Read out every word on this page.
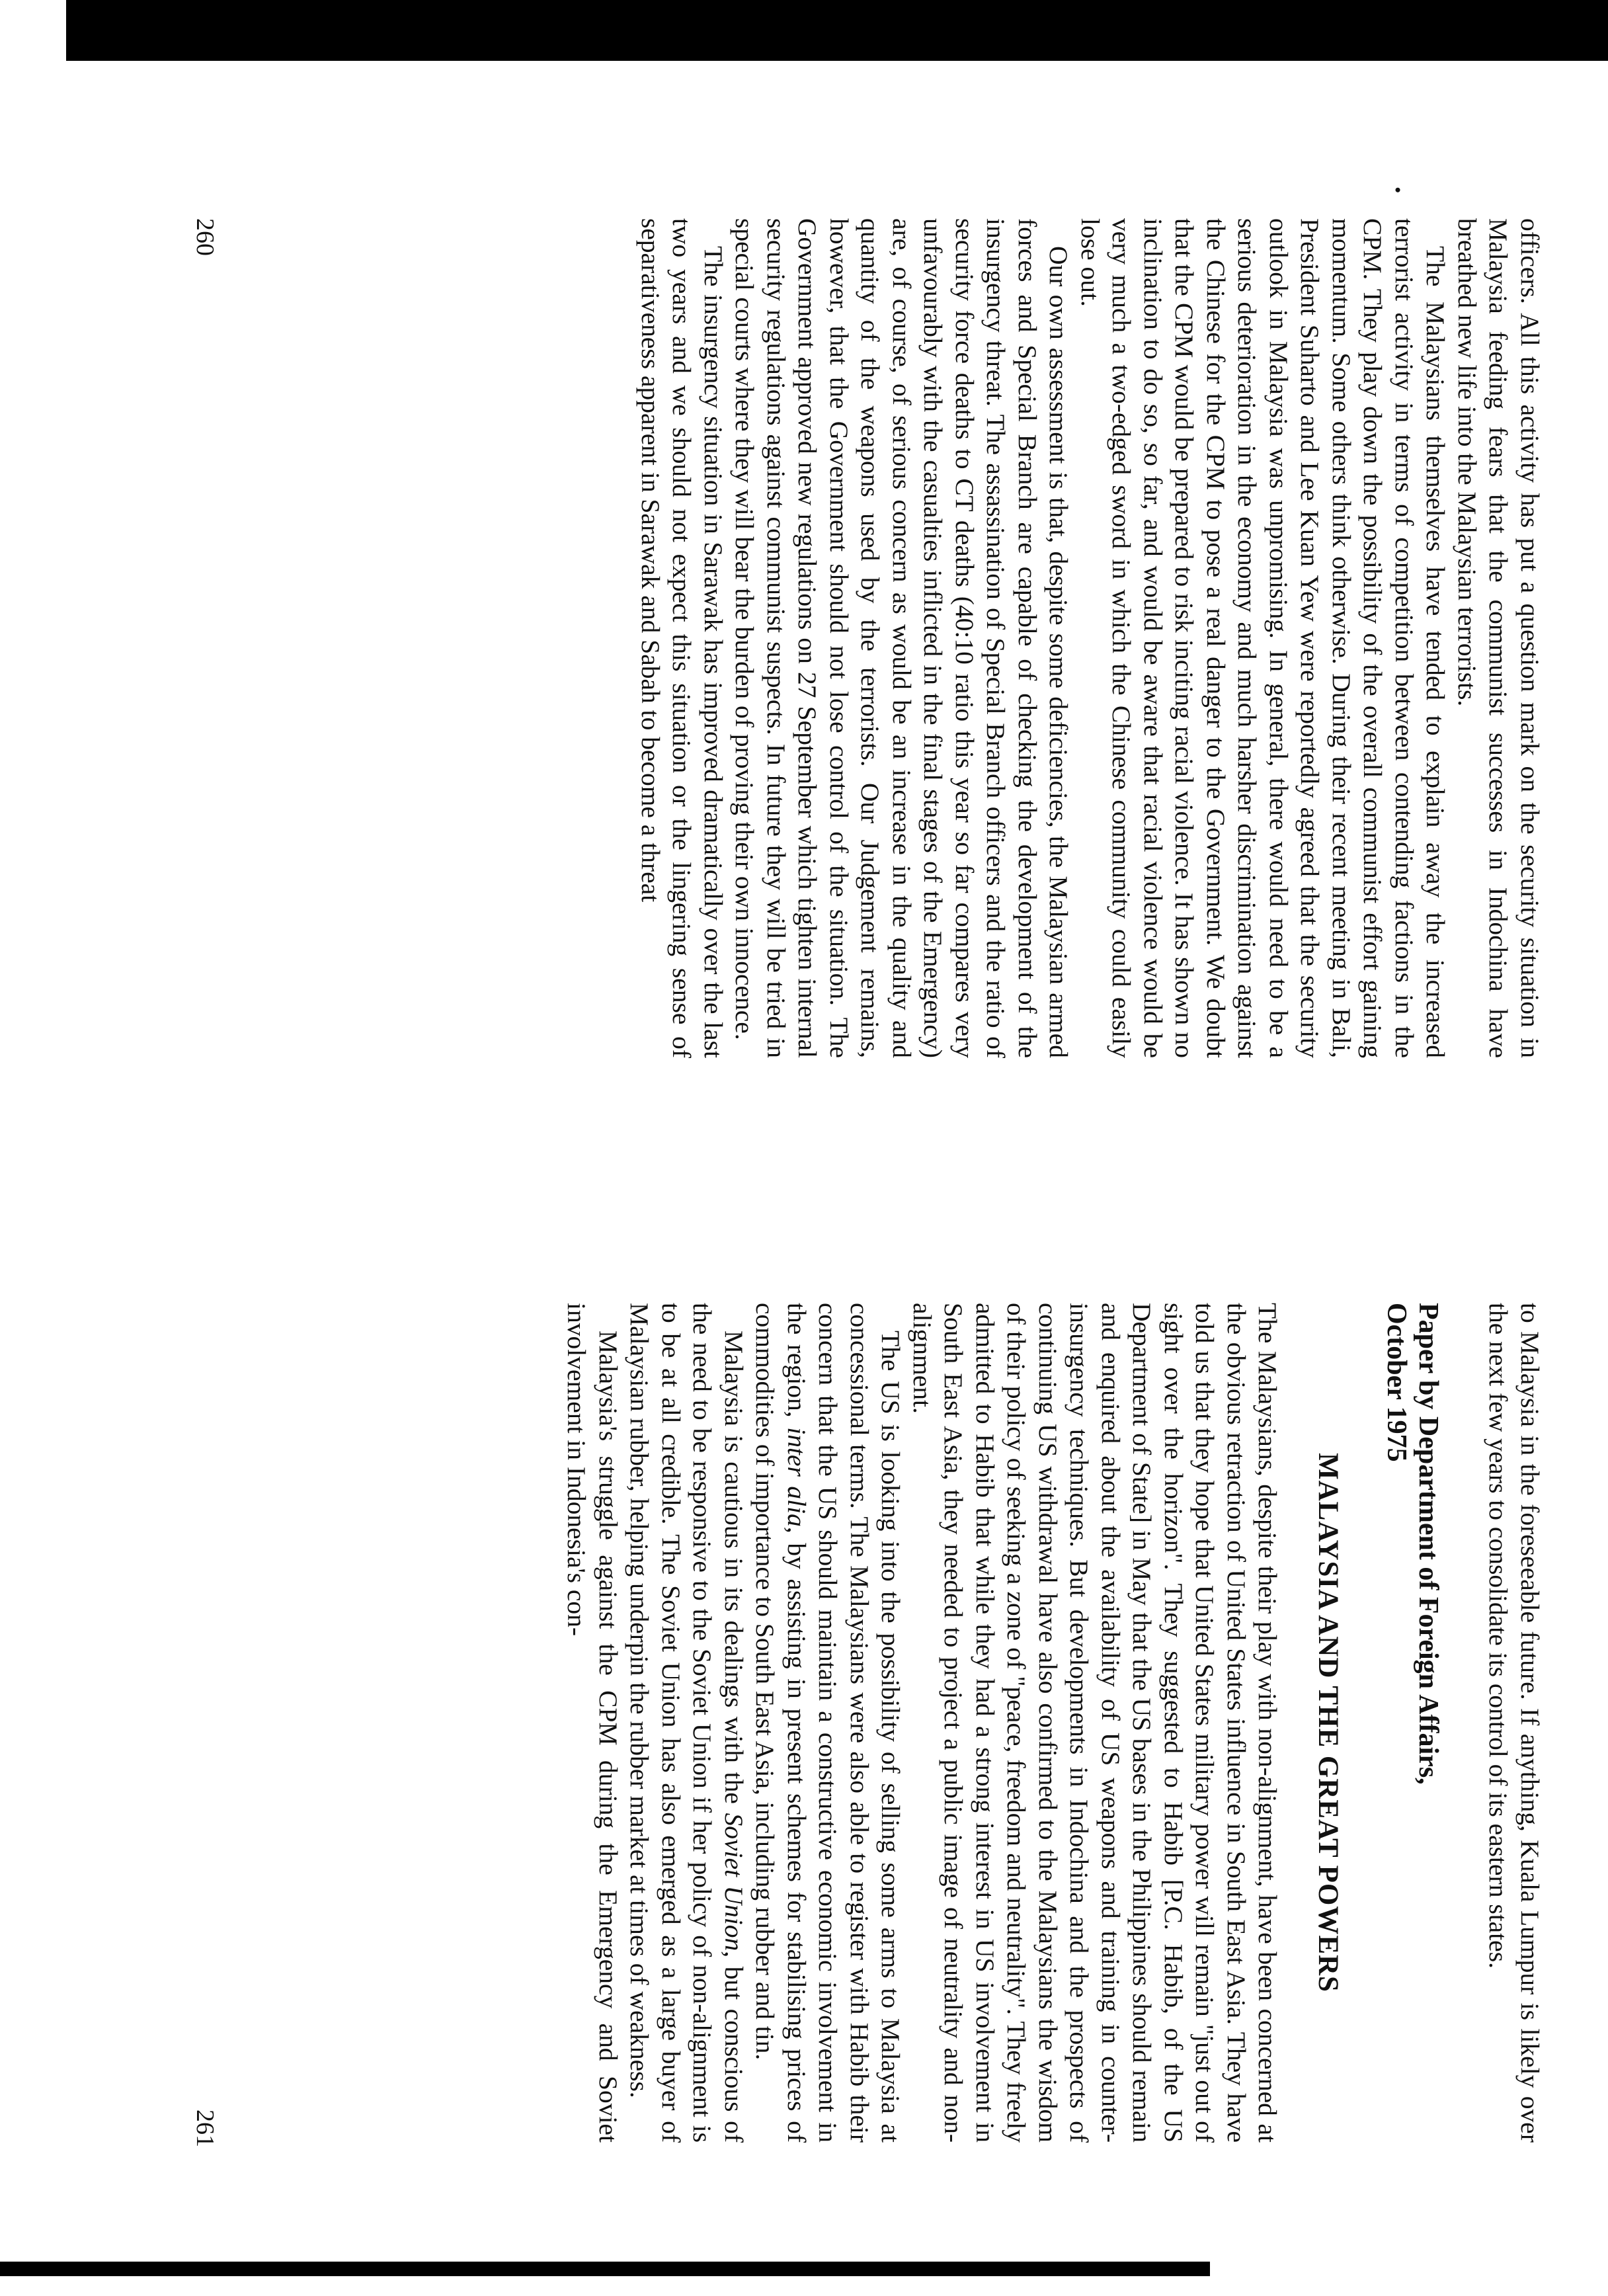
•

officers. All this activity has put a question mark on the security situation in Malaysia feeding fears that the communist successes in Indochina have breathed new life into the Malaysian terrorists.

The Malaysians themselves have tended to explain away the increased terrorist activity in terms of competition between contending factions in the CPM. They play down the possibility of the overall communist effort gaining momentum. Some others think otherwise. During their recent meeting in Bali, President Suharto and Lee Kuan Yew were reportedly agreed that the security outlook in Malaysia was unpromising. In general, there would need to be a serious deterioration in the economy and much harsher discrimination against the Chinese for the CPM to pose a real danger to the Government. We doubt that the CPM would be prepared to risk inciting racial violence. It has shown no inclination to do so, so far, and would be aware that racial violence would be very much a two-edged sword in which the Chinese community could easily lose out.

Our own assessment is that, despite some deficiencies, the Malaysian armed forces and Special Branch are capable of checking the development of the insurgency threat. The assassination of Special Branch officers and the ratio of security force deaths to CT deaths (40:10 ratio this year so far compares very unfavourably with the casualties inflicted in the final stages of the Emergency) are, of course, of serious concern as would be an increase in the quality and quantity of the weapons used by the terrorists. Our Judgement remains, however, that the Government should not lose control of the situation. The Government approved new regulations on 27 September which tighten internal security regulations against communist suspects. In future they will be tried in special courts where they will bear the burden of proving their own innocence.

The insurgency situation in Sarawak has improved dramatically over the last two years and we should not expect this situation or the lingering sense of separativeness apparent in Sarawak and Sabah to become a threat

260

to Malaysia in the foreseeable future. If anything, Kuala Lumpur is likely over the next few years to consolidate its control of its eastern states.

Paper by Department of Foreign Affairs,
October 1975
MALAYSIA AND THE GREAT POWERS

The Malaysians, despite their play with non-alignment, have been concerned at the obvious retraction of United States influence in South East Asia. They have told us that they hope that United States military power will remain "just out of sight over the horizon". They suggested to Habib [P.C. Habib, of the US Department of State] in May that the US bases in the Philippines should remain and enquired about the availability of US weapons and training in counter-insurgency techniques. But developments in Indochina and the prospects of continuing US withdrawal have also confirmed to the Malaysians the wisdom of their policy of seeking a zone of "peace, freedom and neutrality". They freely admitted to Habib that while they had a strong interest in US involvement in South East Asia, they needed to project a public image of neutrality and non-alignment.

The US is looking into the possibility of selling some arms to Malaysia at concessional terms. The Malaysians were also able to register with Habib their concern that the US should maintain a constructive economic involvement in the region, inter alia, by assisting in present schemes for stabilising prices of commodities of importance to South East Asia, including rubber and tin.

Malaysia is cautious in its dealings with the Soviet Union, but conscious of the need to be responsive to the Soviet Union if her policy of non-alignment is to be at all credible. The Soviet Union has also emerged as a large buyer of Malaysian rubber, helping underpin the rubber market at times of weakness.

Malaysia's struggle against the CPM during the Emergency and Soviet involvement in Indonesia's con-

261
